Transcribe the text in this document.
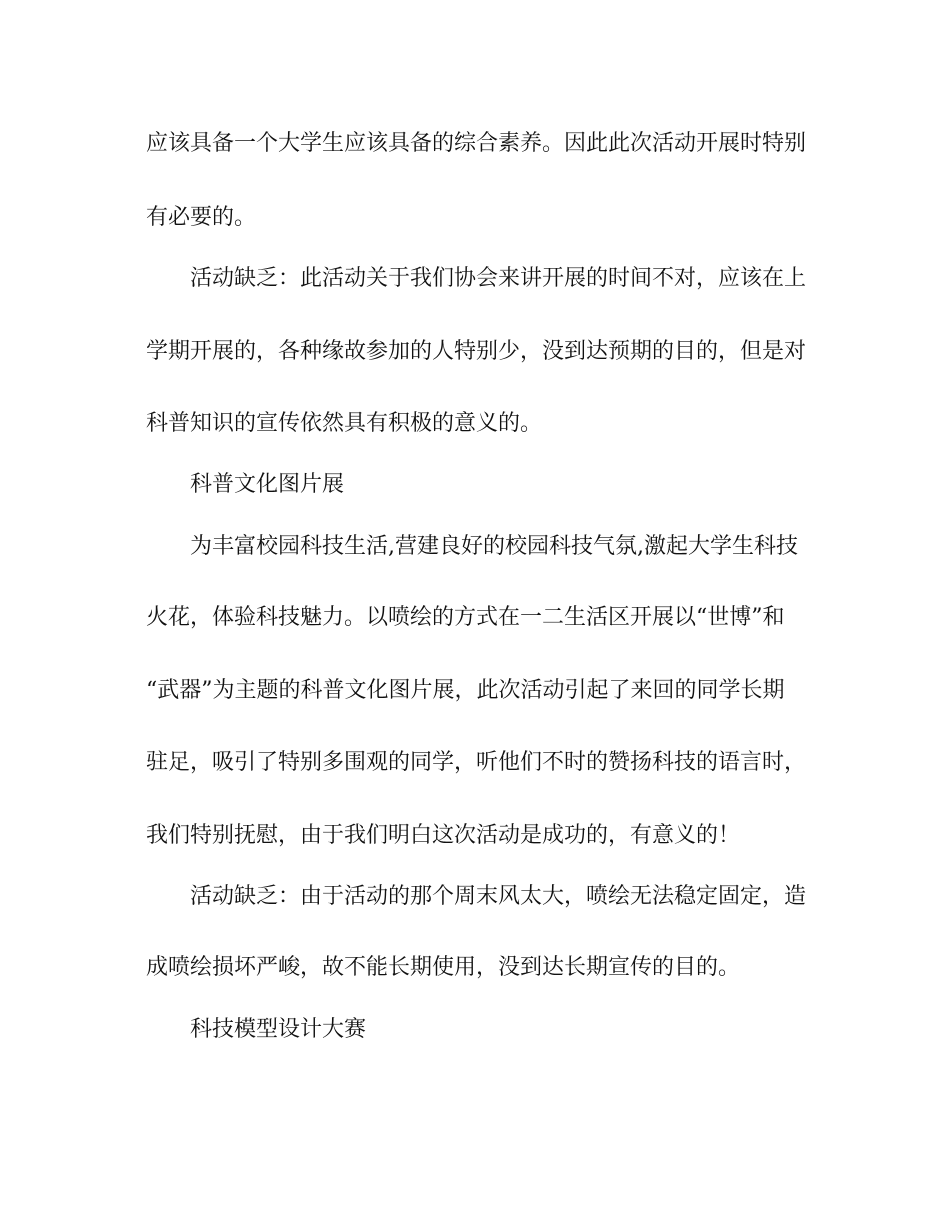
应该具备一个大学生应该具备的综合素养。因此此次活动开展时特别
有必要的。
活动缺乏：此活动关于我们协会来讲开展的时间不对，应该在上
学期开展的，各种缘故参加的人特别少，没到达预期的目的，但是对
科普知识的宣传依然具有积极的意义的。
科普文化图片展
为丰富校园科技生活,营建良好的校园科技气氛,激起大学生科技
火花，体验科技魅力。以喷绘的方式在一二生活区开展以“世博”和
“武器”为主题的科普文化图片展，此次活动引起了来回的同学长期
驻足，吸引了特别多围观的同学，听他们不时的赞扬科技的语言时，
我们特别抚慰，由于我们明白这次活动是成功的，有意义的！
活动缺乏：由于活动的那个周末风太大，喷绘无法稳定固定，造
成喷绘损坏严峻，故不能长期使用，没到达长期宣传的目的。
科技模型设计大赛
